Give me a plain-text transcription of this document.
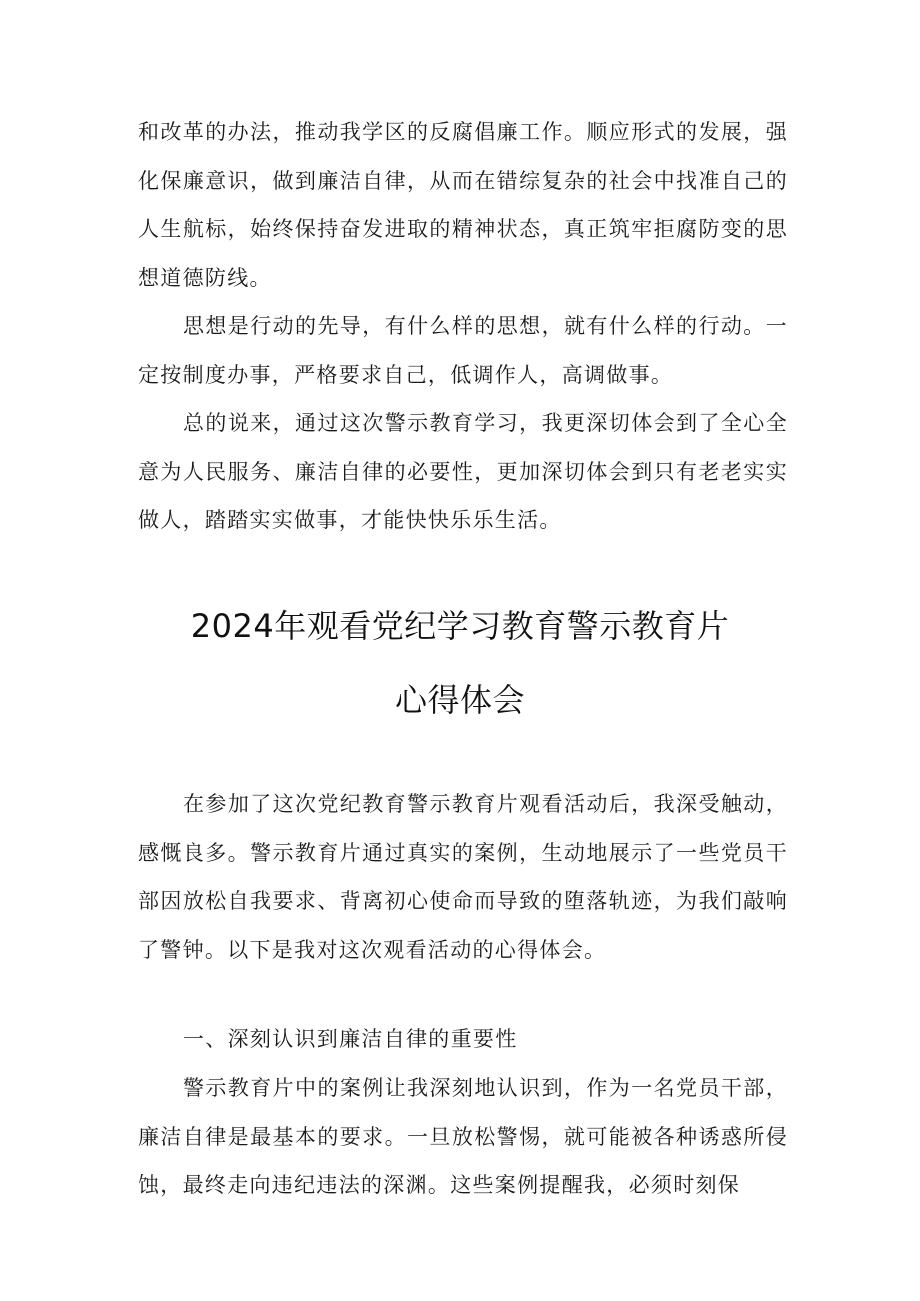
和改革的办法，推动我学区的反腐倡廉工作。顺应形式的发展，强化保廉意识，做到廉洁自律，从而在错综复杂的社会中找准自己的人生航标，始终保持奋发进取的精神状态，真正筑牢拒腐防变的思想道德防线。

思想是行动的先导，有什么样的思想，就有什么样的行动。一定按制度办事，严格要求自己，低调作人，高调做事。

总的说来，通过这次警示教育学习，我更深切体会到了全心全意为人民服务、廉洁自律的必要性，更加深切体会到只有老老实实做人，踏踏实实做事，才能快快乐乐生活。

2024年观看党纪学习教育警示教育片
心得体会

在参加了这次党纪教育警示教育片观看活动后，我深受触动，感慨良多。警示教育片通过真实的案例，生动地展示了一些党员干部因放松自我要求、背离初心使命而导致的堕落轨迹，为我们敲响了警钟。以下是我对这次观看活动的心得体会。

一、深刻认识到廉洁自律的重要性

警示教育片中的案例让我深刻地认识到，作为一名党员干部，廉洁自律是最基本的要求。一旦放松警惕，就可能被各种诱惑所侵蚀，最终走向违纪违法的深渊。这些案例提醒我，必须时刻保
